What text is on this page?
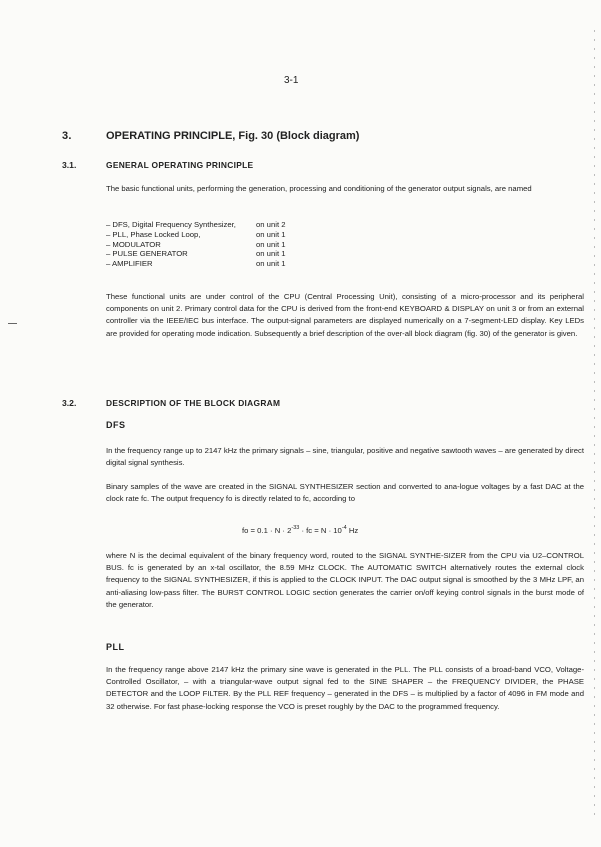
3-1
3.	OPERATING PRINCIPLE, Fig. 30 (Block diagram)
3.1.	GENERAL OPERATING PRINCIPLE
The basic functional units, performing the generation, processing and conditioning of the generator output signals, are named
– DFS, Digital Frequency Synthesizer,	on unit 2
– PLL, Phase Locked Loop,	on unit 1
– MODULATOR	on unit 1
– PULSE GENERATOR	on unit 1
– AMPLIFIER	on unit 1
These functional units are under control of the CPU (Central Processing Unit), consisting of a micro-processor and its peripheral components on unit 2. Primary control data for the CPU is derived from the front-end KEYBOARD & DISPLAY on unit 3 or from an external controller via the IEEE/IEC bus interface. The output-signal parameters are displayed numerically on a 7-segment-LED display. Key LEDs are provided for operating mode indication. Subsequently a brief description of the over-all block diagram (fig. 30) of the generator is given.
3.2.	DESCRIPTION OF THE BLOCK DIAGRAM
DFS
In the frequency range up to 2147 kHz the primary signals – sine, triangular, positive and negative sawtooth waves – are generated by direct digital signal synthesis.
Binary samples of the wave are created in the SIGNAL SYNTHESIZER section and converted to ana-logue voltages by a fast DAC at the clock rate fc. The output frequency fo is directly related to fc, according to
fo = $0.1 \cdot N \cdot 2^{-33}$ · fc = $N \cdot 10^{-4}$ Hz
where N is the decimal equivalent of the binary frequency word, routed to the SIGNAL SYNTHE-SIZER from the CPU via U2–CONTROL BUS. fc is generated by an x-tal oscillator, the 8.59 MHz CLOCK. The AUTOMATIC SWITCH alternatively routes the external clock frequency to the SIGNAL SYNTHESIZER, if this is applied to the CLOCK INPUT. The DAC output signal is smoothed by the 3 MHz LPF, an anti-aliasing low-pass filter. The BURST CONTROL LOGIC section generates the carrier on/off keying control signals in the burst mode of the generator.
PLL
In the frequency range above 2147 kHz the primary sine wave is generated in the PLL. The PLL consists of a broad-band VCO, Voltage-Controlled Oscillator, – with a triangular-wave output signal fed to the SINE SHAPER – the FREQUENCY DIVIDER, the PHASE DETECTOR and the LOOP FILTER. By the PLL REF frequency – generated in the DFS – is multiplied by a factor of 4096 in FM mode and 32 otherwise. For fast phase-locking response the VCO is preset roughly by the DAC to the programmed frequency.
